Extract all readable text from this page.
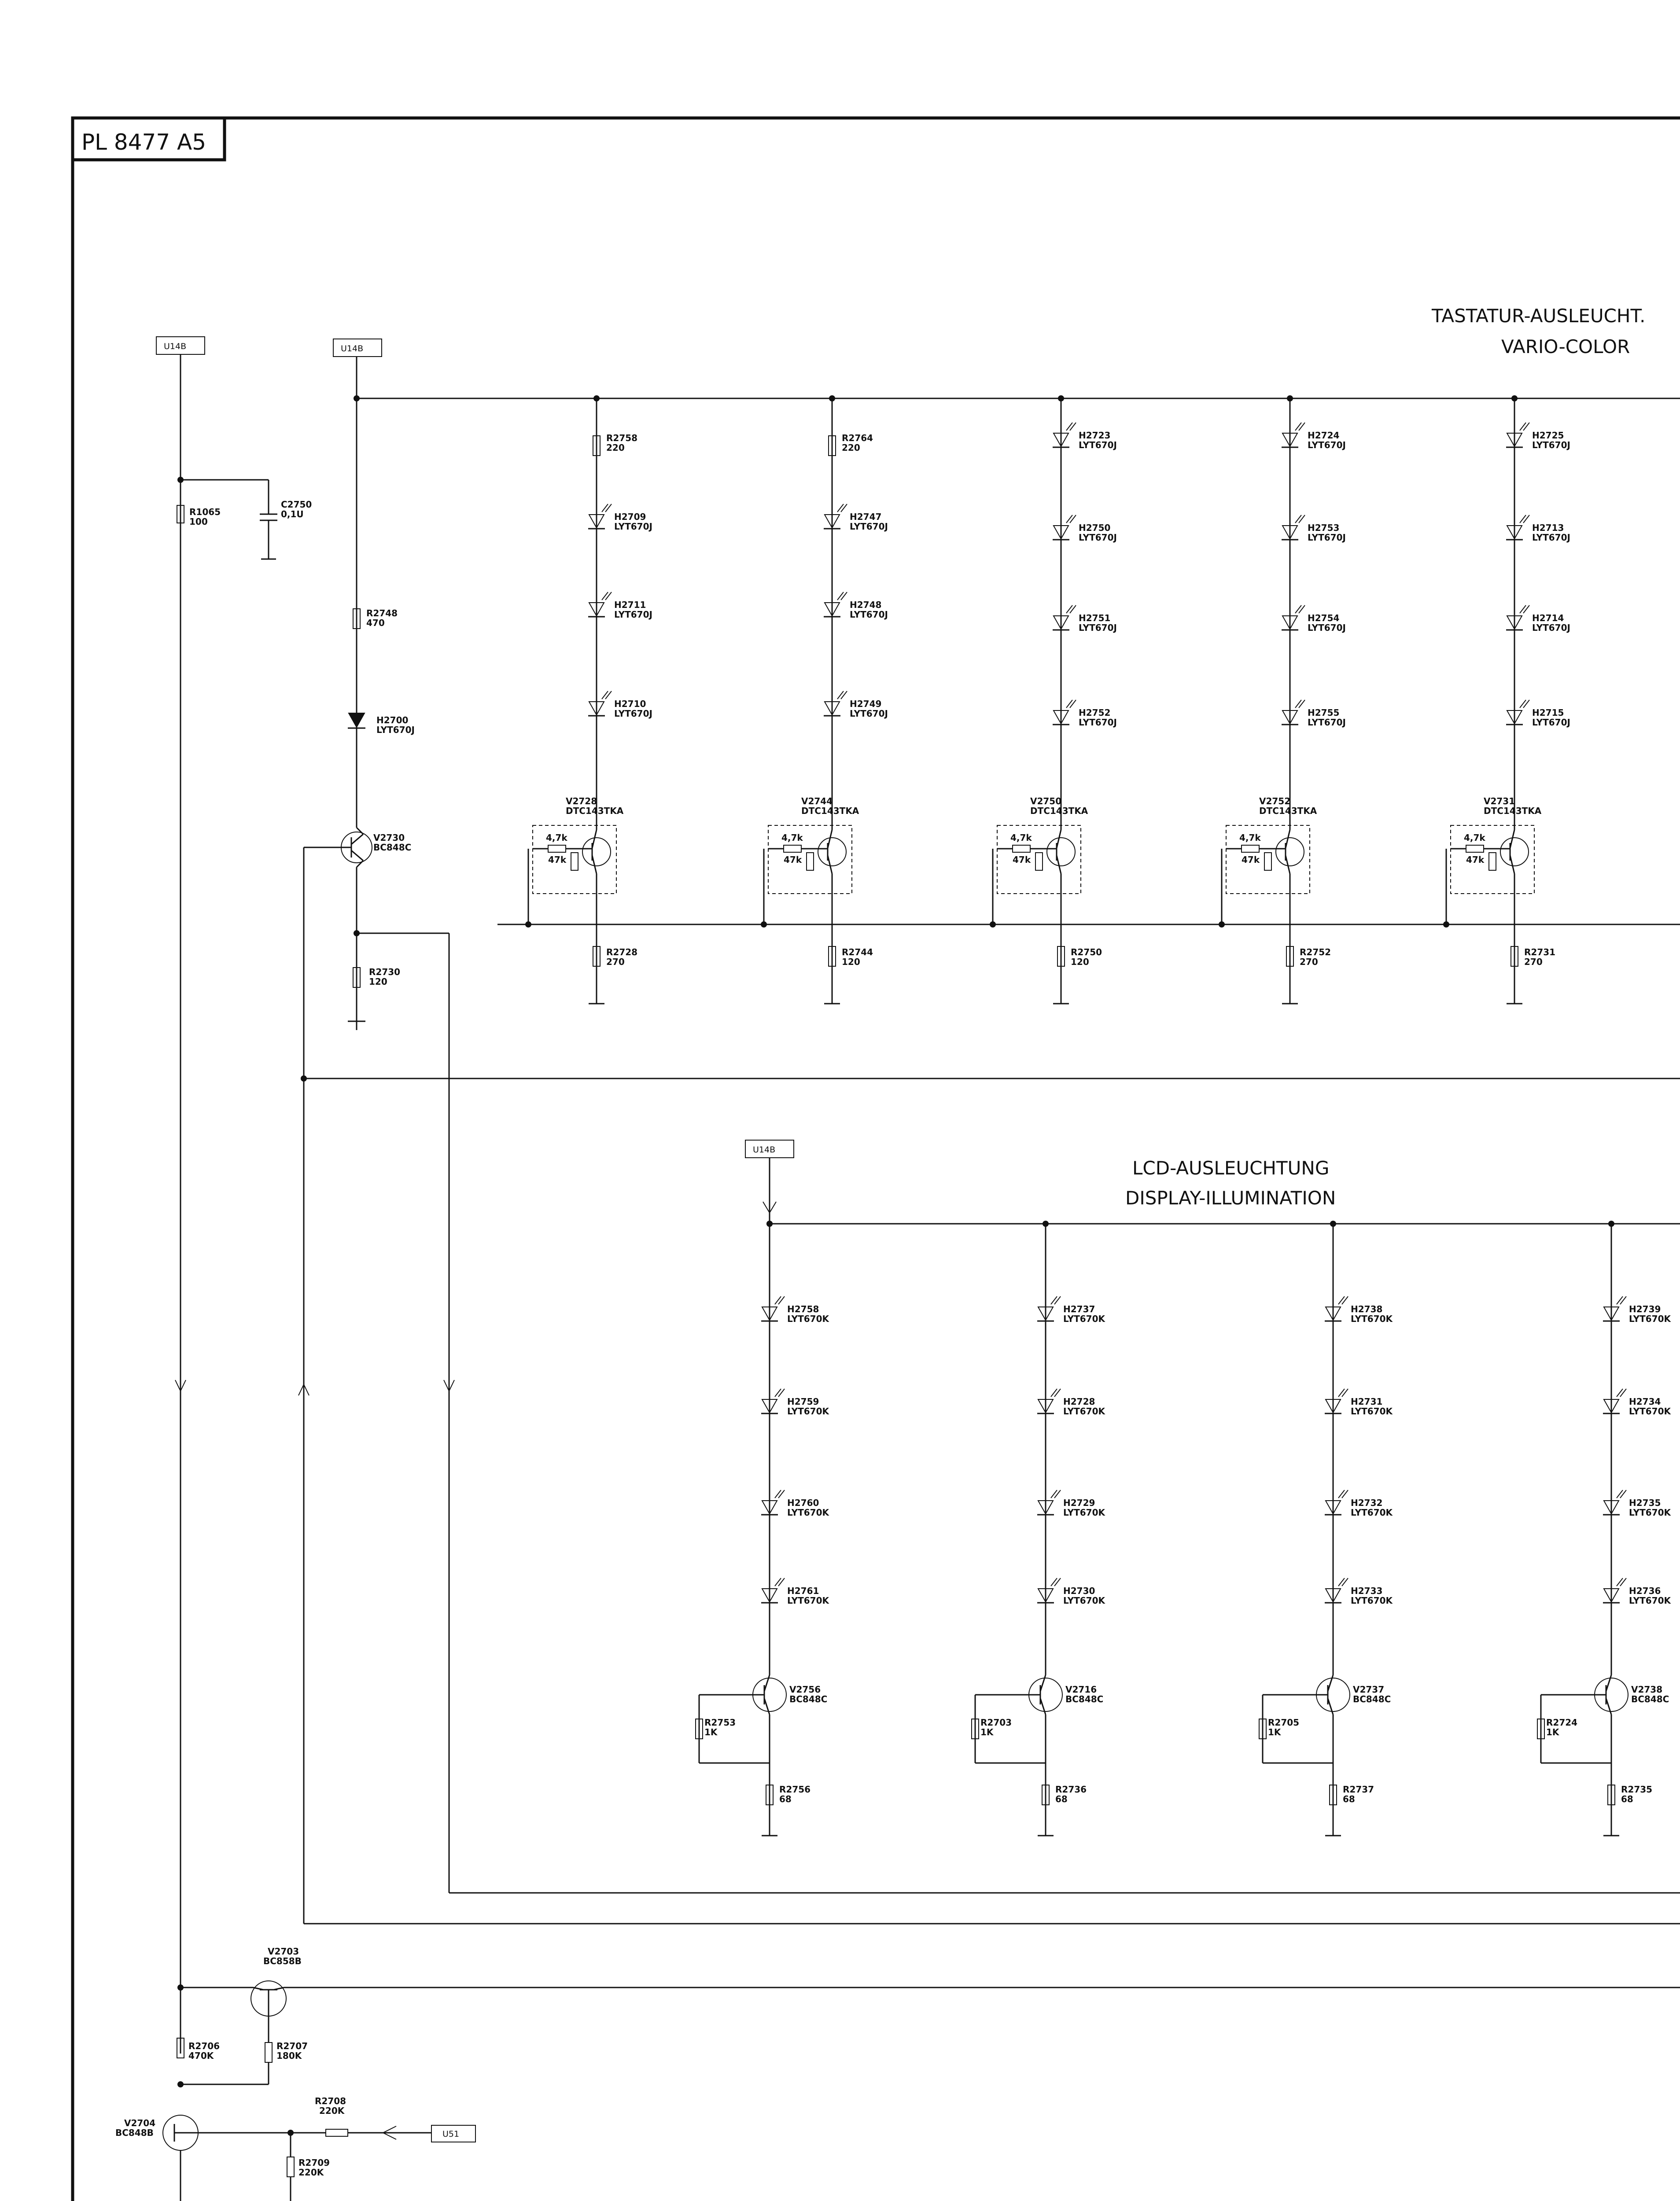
PL 8477 A5
TASTATUR-AUSLEUCHT.
VARIO-COLOR
LCD-AUSLEUCHTUNG
DISPLAY-ILLUMINATION
U14B	U14B
U14B
R1065
100
C2750
0,1U
R2748
470
H2700
LYT670J
V2730
BC848C
R2730
120
U51
V2703
BC858B
R2706
470K
R2707
180K
V2704
BC848B
R2708
220K
R2709
220K
R2758
220
H2709
LYT670J
H2711
LYT670J
H2710
LYT670J
4,7k
47k
V2728
DTC143TKA
R2728
270
R2764
220
H2747
LYT670J
H2748
LYT670J
H2749
LYT670J
4,7k
47k
V2744
DTC143TKA
R2744
120
H2723
LYT670J
H2750
LYT670J
H2751
LYT670J
H2752
LYT670J
4,7k
47k
V2750
DTC143TKA
R2750
120
H2724
LYT670J
H2753
LYT670J
H2754
LYT670J
H2755
LYT670J
4,7k
47k
V2752
DTC143TKA
R2752
270
H2725
LYT670J
H2713
LYT670J
H2714
LYT670J
H2715
LYT670J
4,7k
47k
V2731
DTC143TKA
R2731
270
H2758
LYT670K
H2759
LYT670K
H2760
LYT670K
H2761
LYT670K
V2756
BC848C
R2753
1K
R2756
68
H2737
LYT670K
H2728
LYT670K
H2729
LYT670K
H2730
LYT670K
V2716
BC848C
R2703
1K
R2736
68
H2738
LYT670K
H2731
LYT670K
H2732
LYT670K
H2733
LYT670K
V2737
BC848C
R2705
1K
R2737
68
H2739
LYT670K
H2734
LYT670K
H2735
LYT670K
H2736
LYT670K
V2738
BC848C
R2724
1K
R2735
68
